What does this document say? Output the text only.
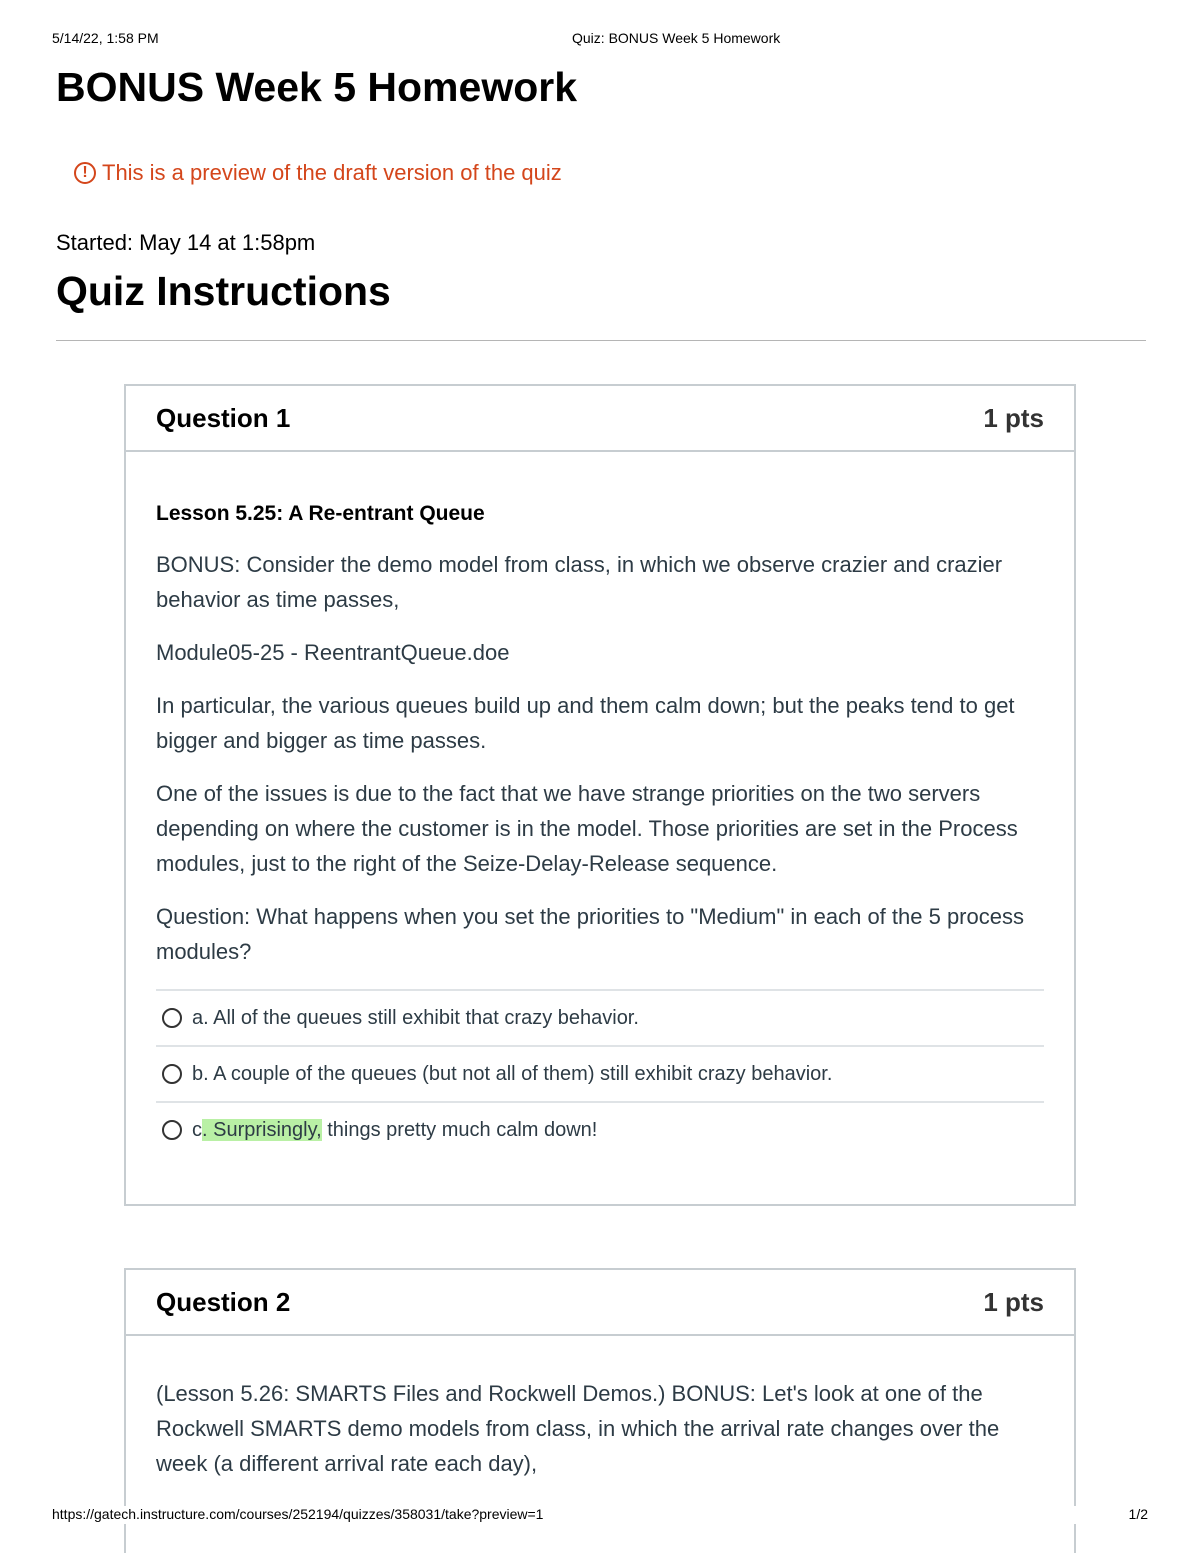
5/14/22, 1:58 PM	Quiz: BONUS Week 5 Homework
BONUS Week 5 Homework
! This is a preview of the draft version of the quiz
Started: May 14 at 1:58pm
Quiz Instructions
Question 1	1 pts

Lesson 5.25: A Re-entrant Queue

BONUS: Consider the demo model from class, in which we observe crazier and crazier behavior as time passes,

Module05-25 - ReentrantQueue.doe

In particular, the various queues build up and them calm down; but the peaks tend to get bigger and bigger as time passes.

One of the issues is due to the fact that we have strange priorities on the two servers depending on where the customer is in the model. Those priorities are set in the Process modules, just to the right of the Seize-Delay-Release sequence.

Question: What happens when you set the priorities to "Medium" in each of the 5 process modules?

a. All of the queues still exhibit that crazy behavior.
b. A couple of the queues (but not all of them) still exhibit crazy behavior.
c. Surprisingly, things pretty much calm down!
Question 2	1 pts

(Lesson 5.26: SMARTS Files and Rockwell Demos.) BONUS: Let's look at one of the Rockwell SMARTS demo models from class, in which the arrival rate changes over the week (a different arrival rate each day),

https://gatech.instructure.com/courses/252194/quizzes/358031/take?preview=1	1/2
